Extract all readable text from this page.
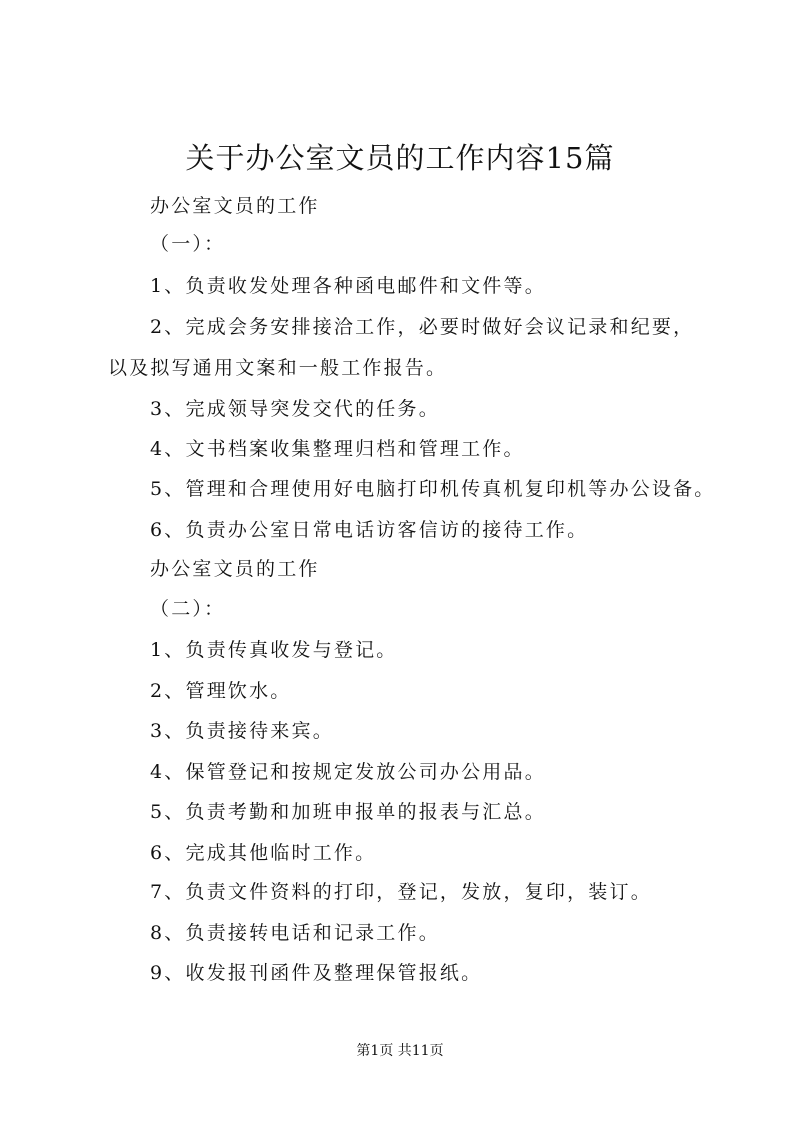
关于办公室文员的工作内容15篇
办公室文员的工作
（一）：
1、负责收发处理各种函电邮件和文件等。
2、完成会务安排接洽工作，必要时做好会议记录和纪要，
以及拟写通用文案和一般工作报告。
3、完成领导突发交代的任务。
4、文书档案收集整理归档和管理工作。
5、管理和合理使用好电脑打印机传真机复印机等办公设备。
6、负责办公室日常电话访客信访的接待工作。
办公室文员的工作
（二）：
1、负责传真收发与登记。
2、管理饮水。
3、负责接待来宾。
4、保管登记和按规定发放公司办公用品。
5、负责考勤和加班申报单的报表与汇总。
6、完成其他临时工作。
7、负责文件资料的打印，登记，发放，复印，装订。
8、负责接转电话和记录工作。
9、收发报刊函件及整理保管报纸。
第1页 共11页
